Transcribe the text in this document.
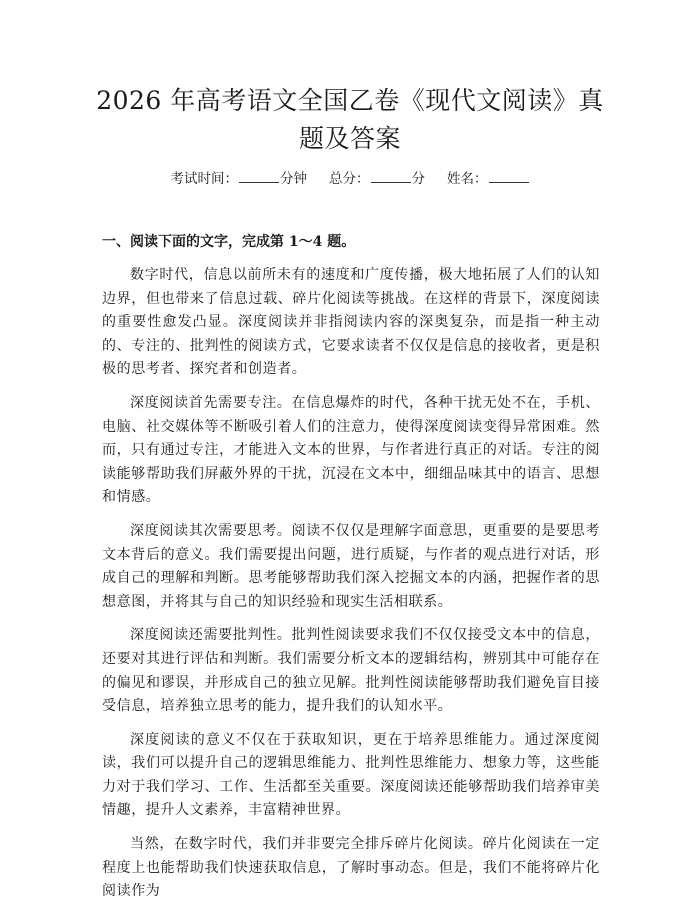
2026 年高考语文全国乙卷《现代文阅读》真题及答案
考试时间：	分钟 总分：	分 姓名：
一、阅读下面的文字，完成第 1～4 题。

数字时代，信息以前所未有的速度和广度传播，极大地拓展了人们的认知边界，但也带来了信息过载、碎片化阅读等挑战。在这样的背景下，深度阅读的重要性愈发凸显。深度阅读并非指阅读内容的深奥复杂，而是指一种主动的、专注的、批判性的阅读方式，它要求读者不仅仅是信息的接收者，更是积极的思考者、探究者和创造者。

深度阅读首先需要专注。在信息爆炸的时代，各种干扰无处不在，手机、电脑、社交媒体等不断吸引着人们的注意力，使得深度阅读变得异常困难。然而，只有通过专注，才能进入文本的世界，与作者进行真正的对话。专注的阅读能够帮助我们屏蔽外界的干扰，沉浸在文本中，细细品味其中的语言、思想和情感。

深度阅读其次需要思考。阅读不仅仅是理解字面意思，更重要的是要思考文本背后的意义。我们需要提出问题，进行质疑，与作者的观点进行对话，形成自己的理解和判断。思考能够帮助我们深入挖掘文本的内涵，把握作者的思想意图，并将其与自己的知识经验和现实生活相联系。

深度阅读还需要批判性。批判性阅读要求我们不仅仅接受文本中的信息，还要对其进行评估和判断。我们需要分析文本的逻辑结构，辨别其中可能存在的偏见和谬误，并形成自己的独立见解。批判性阅读能够帮助我们避免盲目接受信息，培养独立思考的能力，提升我们的认知水平。

深度阅读的意义不仅在于获取知识，更在于培养思维能力。通过深度阅读，我们可以提升自己的逻辑思维能力、批判性思维能力、想象力等，这些能力对于我们学习、工作、生活都至关重要。深度阅读还能够帮助我们培养审美情趣，提升人文素养，丰富精神世界。

当然，在数字时代，我们并非要完全排斥碎片化阅读。碎片化阅读在一定程度上也能帮助我们快速获取信息，了解时事动态。但是，我们不能将碎片化阅读作为
